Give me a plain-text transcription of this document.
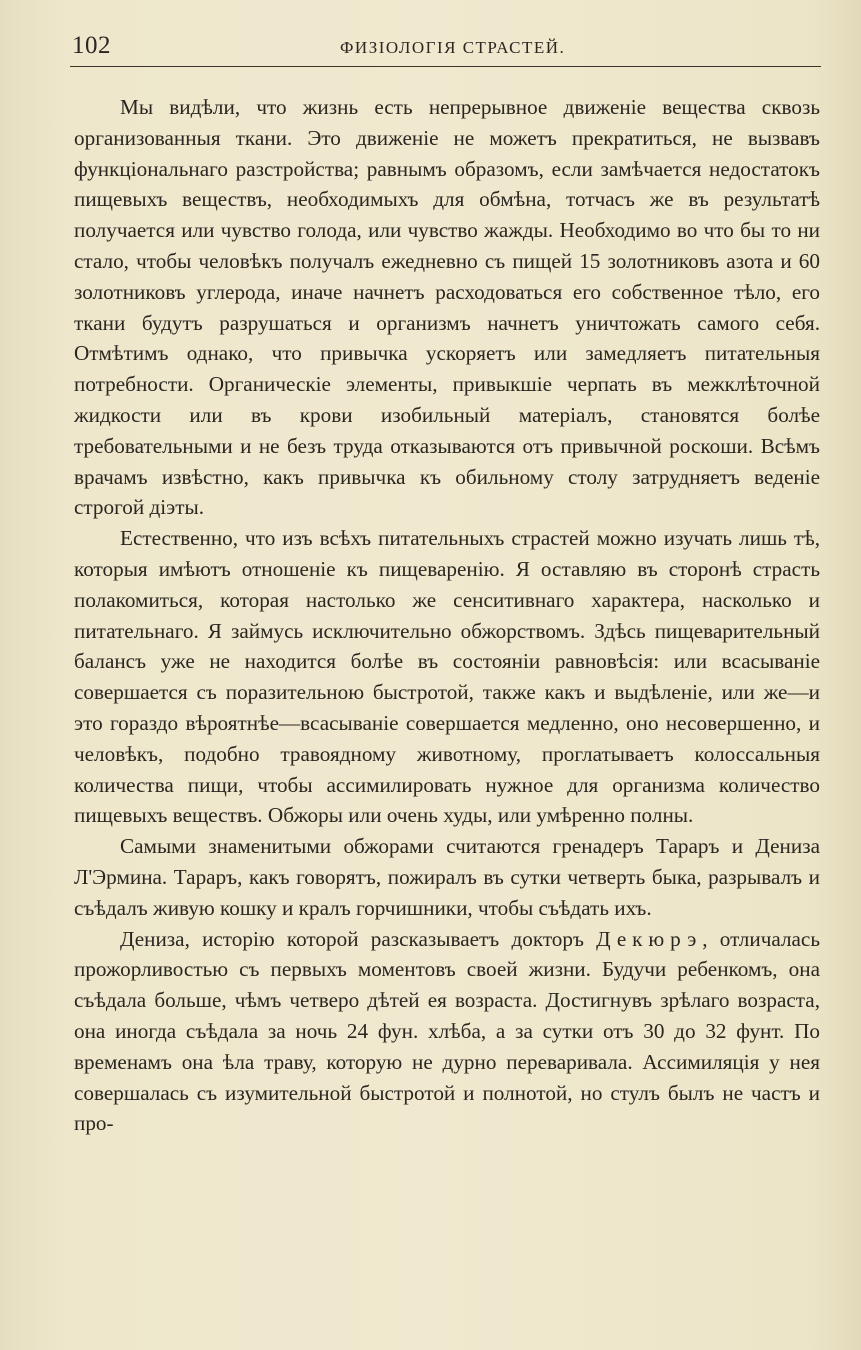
102	ФИЗІОЛОГІЯ СТРАСТЕЙ.

Мы видѣли, что жизнь есть непрерывное движеніе вещества сквозь организованныя ткани. Это движеніе не можетъ прекратиться, не вызвавъ функціональнаго разстройства; равнымъ образомъ, если замѣчается недостатокъ пищевыхъ веществъ, необходимыхъ для обмѣна, тотчасъ же въ результатѣ получается или чувство голода, или чувство жажды. Необходимо во что бы то ни стало, чтобы человѣкъ получалъ ежедневно съ пищей 15 золотниковъ азота и 60 золотниковъ углерода, иначе начнетъ расходоваться его собственное тѣло, его ткани будутъ разрушаться и организмъ начнетъ уничтожать самого себя. Отмѣтимъ однако, что привычка ускоряетъ или замедляетъ питательныя потребности. Органическіе элементы, привыкшіе черпать въ межклѣточной жидкости или въ крови изобильный матеріалъ, становятся болѣе требовательными и не безъ труда отказываются отъ привычной роскоши. Всѣмъ врачамъ извѣстно, какъ привычка къ обильному столу затрудняетъ веденіе строгой діэты.

Естественно, что изъ всѣхъ питательныхъ страстей можно изучать лишь тѣ, которыя имѣютъ отношеніе къ пищеваренію. Я оставляю въ сторонѣ страсть полакомиться, которая настолько же сенситивнаго характера, насколько и питательнаго. Я займусь исключительно обжорствомъ. Здѣсь пищеварительный балансъ уже не находится болѣе въ состояніи равновѣсія: или всасываніе совершается съ поразительною быстротой, также какъ и выдѣленіе, или же—и это гораздо вѣроятнѣе—всасываніе совершается медленно, оно несовершенно, и человѣкъ, подобно травоядному животному, проглатываетъ колоссальныя количества пищи, чтобы ассимилировать нужное для организма количество пищевыхъ веществъ. Обжоры или очень худы, или умѣренно полны.

Самыми знаменитыми обжорами считаются гренадеръ Тараръ и Дениза Л'Эрмина. Тараръ, какъ говорятъ, пожиралъ въ сутки четверть быка, разрывалъ и съѣдалъ живую кошку и кралъ горчишники, чтобы съѣдать ихъ.

Дениза, исторію которой разсказываетъ докторъ Декюрэ, отличалась прожорливостью съ первыхъ моментовъ своей жизни. Будучи ребенкомъ, она съѣдала больше, чѣмъ четверо дѣтей ея возраста. Достигнувъ зрѣлаго возраста, она иногда съѣдала за ночь 24 фун. хлѣба, а за сутки отъ 30 до 32 фунт. По временамъ она ѣла траву, которую не дурно переваривала. Ассимиляція у нея совершалась съ изумительной быстротой и полнотой, но стулъ былъ не частъ и про-
